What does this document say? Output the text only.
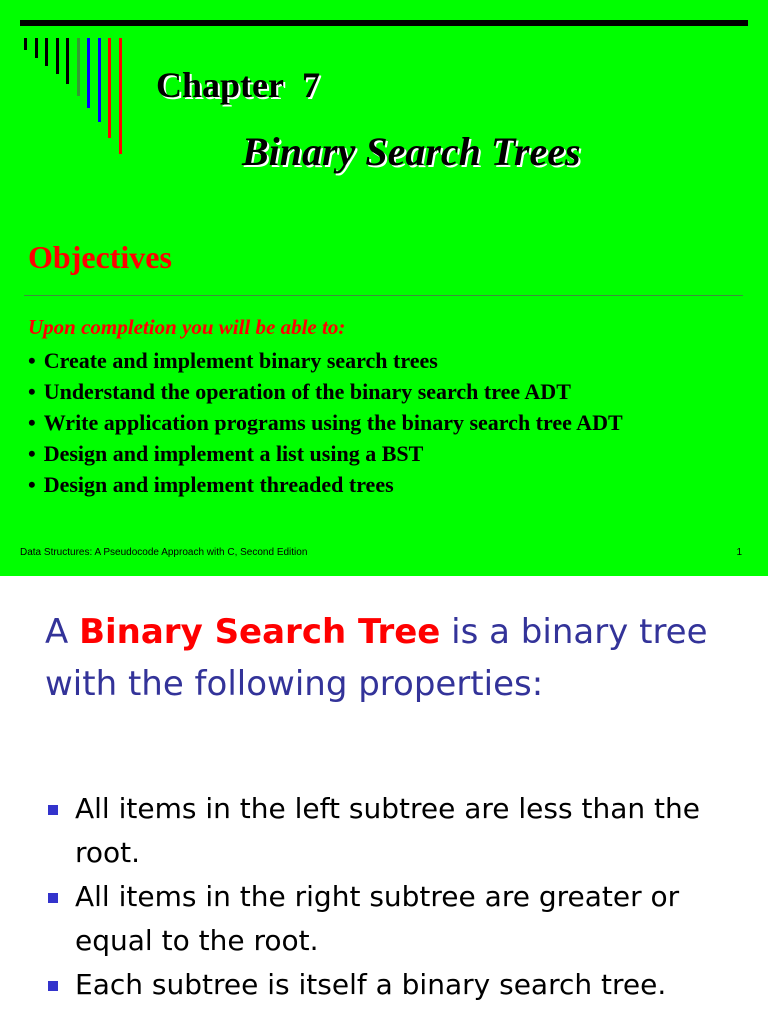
Chapter 7
Binary Search Trees
Objectives
Upon completion you will be able to:
• Create and implement binary search trees
• Understand the operation of the binary search tree ADT
• Write application programs using the binary search tree ADT
• Design and implement a list using a BST
• Design and implement threaded trees
Data Structures: A Pseudocode Approach with C, Second Edition	1

A Binary Search Tree is a binary tree with the following properties:

All items in the left subtree are less than the root.
All items in the right subtree are greater or equal to the root.
Each subtree is itself a binary search tree.
